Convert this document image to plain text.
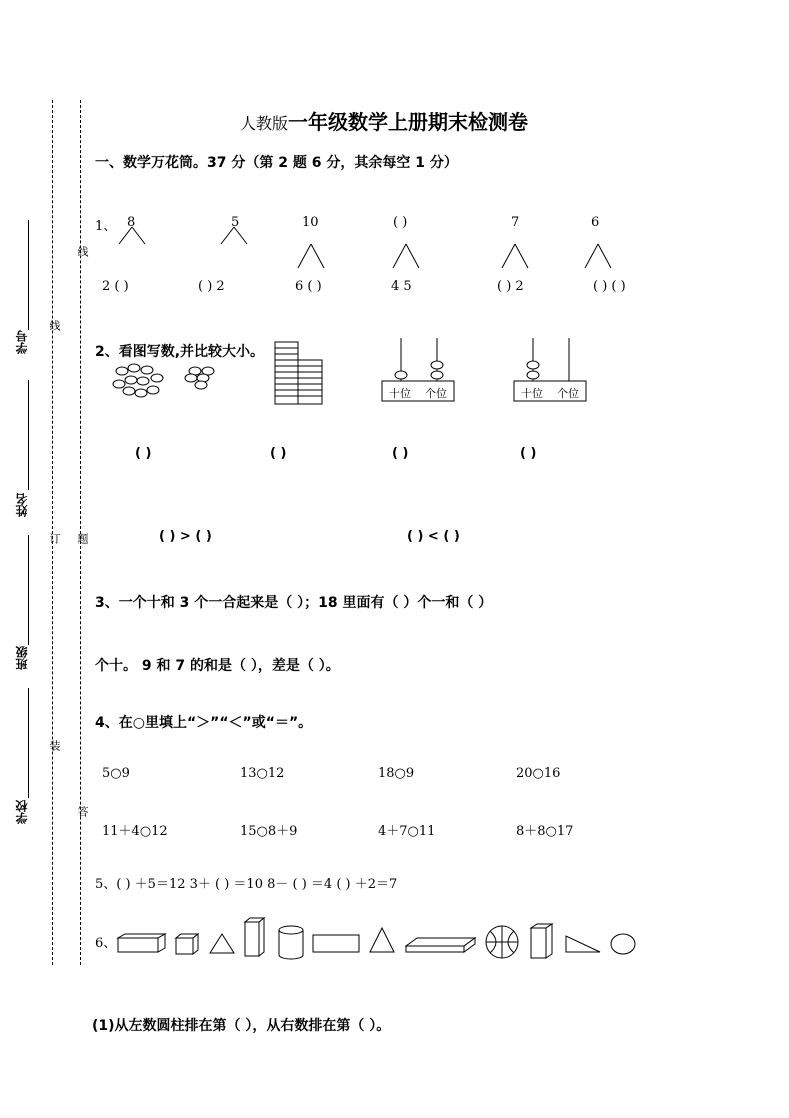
学号
姓名
班级
学校
线
订
装
线
题
答
人教版一年级数学上册期末检测卷
一、数学万花筒。37 分（第 2 题 6 分，其余每空 1 分）
1、 8	5	10	( )	7	6
2 ( )	( ) 2	6 ( )	4 5	( ) 2	( ) ( )
2、看图写数,并比较大小。
十位 个位	十位 个位
( )	( )	( )	( )
( ) > ( )	( ) < ( )
3、一个十和 3 个一合起来是（ ）；18 里面有（ ）个一和（ ）
个十。 9 和 7 的和是（ ），差是（ ）。
4、在○里填上“＞”“＜”或“＝”。
5○9	13○12	18○9	20○16
11＋4○12	15○8＋9	4＋7○11	8＋8○17
5、( ) ＋5＝12 3＋ ( ) ＝10 8－ ( ) ＝4 ( ) ＋2＝7
6、
(1)从左数圆柱排在第（ ），从右数排在第（ ）。
